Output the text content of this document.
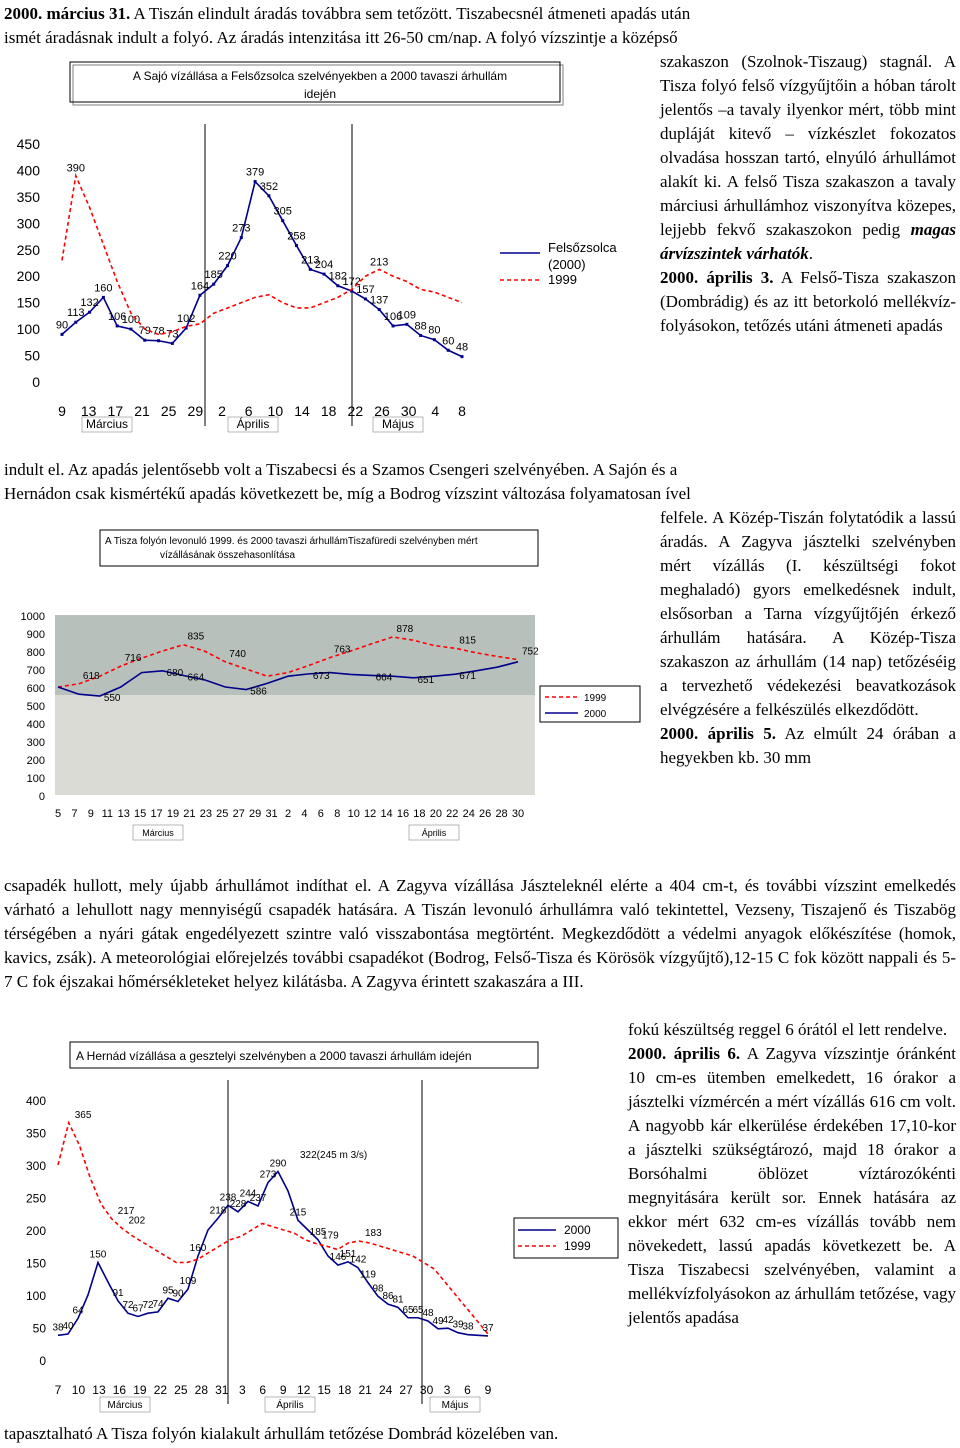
2000. március 31. A Tiszán elindult áradás továbbra sem tetőzött. Tiszabecsnél átmeneti apadás után
ismét áradásnak indult a folyó. Az áradás intenzitása itt 26-50 cm/nap. A folyó vízszintje a középső
szakaszon (Szolnok-Tiszaug) stagnál. A Tisza folyó felső vízgyűjtőin a hóban tárolt jelentős –a tavaly ilyenkor mért, több mint dupláját kitevő – vízkészlet fokozatos olvadása hosszan tartó, elnyúló árhullámot alakít ki. A felső Tisza szakaszon a tavaly márciusi árhullámhoz viszonyítva közepes, lejjebb fekvő szakaszokon pedig magas árvízszintek várhatók.
2000. április 3. A Felső-Tisza szakaszon (Dombrádig) és az itt betorkoló mellékvíz-folyásokon, tetőzés utáni átmeneti apadás
A Sajó vízállása a Felsőzsolca szelvényekben a 2000 tavaszi árhullám
idején
0
50
100
150
200
250
300
350
400
450
9 13 17 21 25 29 2 6 10 14 18 22 26 30 4 8
Március	Április	Május
90
113
132
160
106
100
79 78 73
102
164
185
220
273
379
352
305
258
213
204
182
172
157
137
106
109
88 80
60
48
390
213
Felsőzsolca
(2000)
1999
indult el. Az apadás jelentősebb volt a Tiszabecsi és a Szamos Csengeri szelvényében. A Sajón és a
Hernádon csak kismértékű apadás következett be, míg a Bodrog vízszint változása folyamatosan ível
felfele. A Közép-Tiszán folytatódik a lassú áradás. A Zagyva jásztelki szelvényben mért vízállás (I. készültségi fokot meghaladó) gyors emelkedésnek indult, elsősorban a Tarna vízgyűjtőjén érkező árhullám hatására. A Közép-Tisza szakaszon az árhullám (14 nap) tetőzéséig a tervezhető védekezési beavatkozások elvégzésére a felkészülés elkezdődött.
2000. április 5. Az elmúlt 24 órában a hegyekben kb. 30 mm
A Tisza folyón levonuló 1999. és 2000 tavaszi árhullámTiszafüredi szelvényben mért
vízállásának összehasonlítása
0
100
200
300
400
500
600
700
800
900
1000
5 7 9 11 13 15 17 19 21 23 25 27 29 31 2 4 6 8 10 12 14 16 18 20 22 24 26 28 30
Március	Április
618
716
835
740	763
878
815
752
550
680 664
586
673	664	651	671
1999
2000
csapadék hullott, mely újabb árhullámot indíthat el. A Zagyva vízállása Jászteleknél elérte a 404 cm-t, és további vízszint emelkedés várható a lehullott nagy mennyiségű csapadék hatására. A Tiszán levonuló árhullámra való tekintettel, Vezseny, Tiszajenő és Tiszabög térségében a nyári gátak engedélyezett szintre való visszabontása megtörtént. Megkezdődött a védelmi anyagok előkészítése (homok, kavics, zsák). A meteorológiai előrejelzés további csapadékot (Bodrog, Felső-Tisza és Körösök vízgyűjtő),12-15 C fok között nappali és 5-7 C fok éjszakai hőmérsékleteket helyez kilátásba. A Zagyva érintett szakaszára a III.
fokú készültség reggel 6 órától el lett rendelve.
2000. április 6. A Zagyva vízszintje óránként 10 cm-es ütemben emelkedett, 16 órakor a jásztelki vízmércén a mért vízállás 616 cm volt. A nagyobb kár elkerülése érdekében 17,10-kor a jásztelki szükségtározó, majd 18 órakor a Borsóhalmi öblözet víztározókénti megnyitására került sor. Ennek hatására az ekkor mért 632 cm-es vízállás tovább nem növekedett, lassú apadás következett be. A Tisza Tiszabecsi szelvényében, valamint a mellékvízfolyásokon az árhullám tetőzése, vagy jelentős apadása
A Hernád vízállása a gesztelyi szelvényben a 2000 tavaszi árhullám idején
0
50
100
150
200
250
300
350
400
7 10 13 16 19 22 25 28 31 3 6 9 12 15 18 21 24 27 30 3 6 9
Március	Április	Május
38
40
64
150
91
72
67
72
74
95
90
109
160
218
238
228
244
237
273
290
215
185
146
151
142
119
98
86
81
65
65
48
49
42
39
38 37
365
217
202
179	183
322(245 m 3/s)
2000
1999
tapasztalható A Tisza folyón kialakult árhullám tetőzése Dombrád közelében van.
